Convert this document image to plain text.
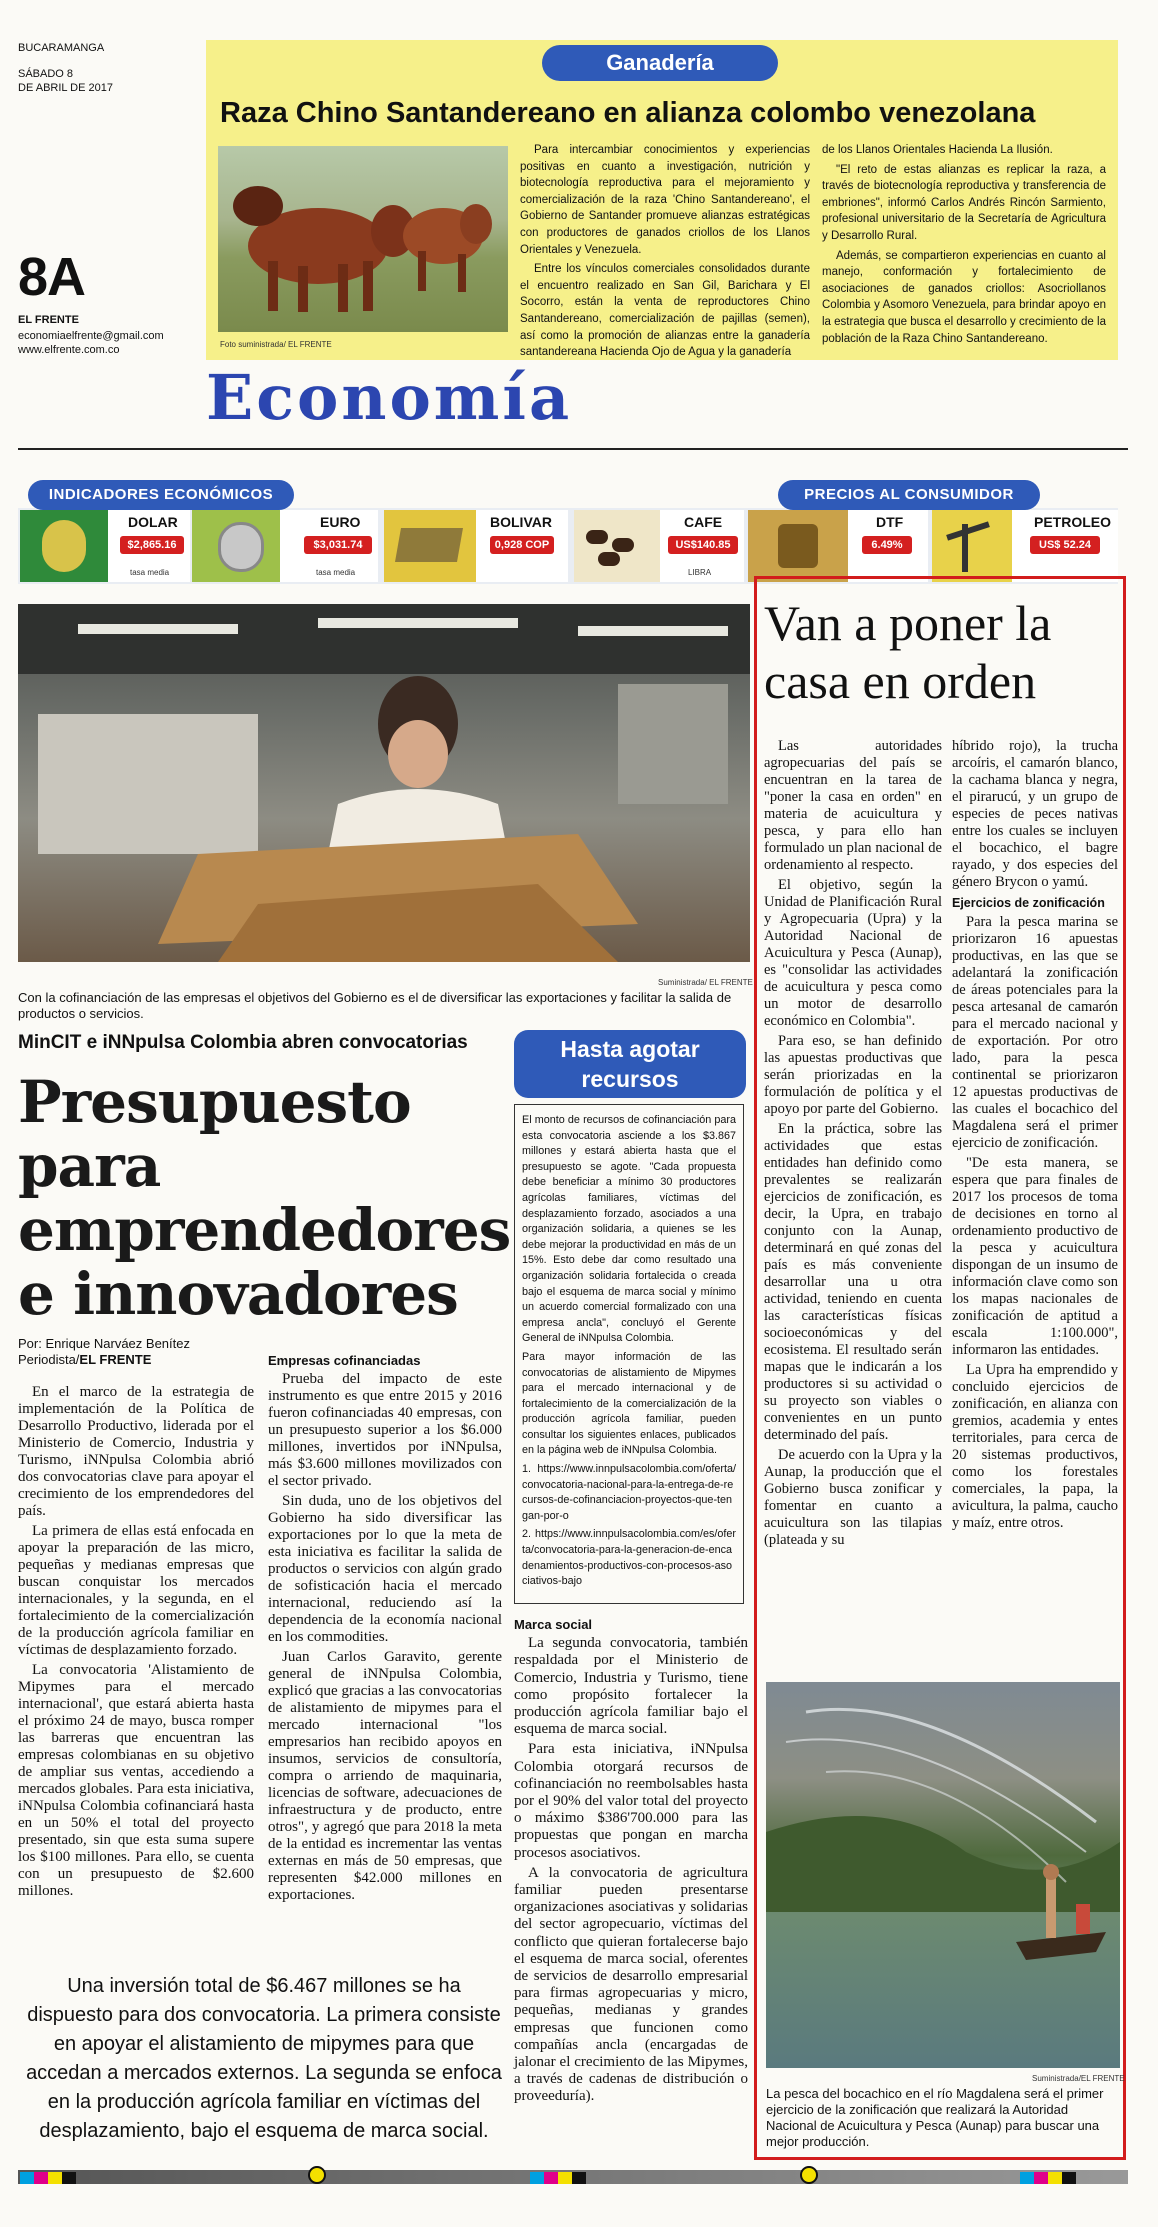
BUCARAMANGA
SÁBADO 8
DE ABRIL DE 2017
8A
EL FRENTE
economiaelfrente@gmail.com
www.elfrente.com.co
Ganadería
Raza Chino Santandereano en alianza colombo venezolana
Foto suministrada/ EL FRENTE

Para intercambiar conocimientos y experiencias positivas en cuanto a investigación, nutrición y biotecnología reproductiva para el mejoramiento y comercialización de la raza 'Chino Santandereano', el Gobierno de Santander promueve alianzas estratégicas con productores de ganados criollos de los Llanos Orientales y Venezuela.

Entre los vínculos comerciales consolidados durante el encuentro realizado en San Gil, Barichara y El Socorro, están la venta de reproductores Chino Santandereano, comercialización de pajillas (semen), así como la promoción de alianzas entre la ganadería santandereana Hacienda Ojo de Agua y la ganadería

de los Llanos Orientales Hacienda La Ilusión.

"El reto de estas alianzas es replicar la raza, a través de biotecnología reproductiva y transferencia de embriones", informó Carlos Andrés Rincón Sarmiento, profesional universitario de la Secretaría de Agricultura y Desarrollo Rural.

Además, se compartieron experiencias en cuanto al manejo, conformación y fortalecimiento de asociaciones de ganados criollos: Asocriollanos Colombia y Asomoro Venezuela, para brindar apoyo en la estrategia que busca el desarrollo y crecimiento de la población de la Raza Chino Santandereano.

Economía
INDICADORES ECONÓMICOS	PRECIOS AL CONSUMIDOR
DOLAR
$2,865.16
tasa media
EURO
$3,031.74
tasa media
BOLIVAR
0,928 COP
CAFE
US$140.85
LIBRA
DTF
6.49%
PETROLEO
US$ 52.24
Suministrada/ EL FRENTE
Con la cofinanciación de las empresas el objetivos del Gobierno es el de diversificar las exportaciones y facilitar la salida de productos o servicios.
MinCIT e iNNpulsa Colombia abren convocatorias
Presupuesto para emprendedores e innovadores
Por: Enrique Narváez Benítez
Periodista/EL FRENTE

En el marco de la estrategia de implementación de la Política de Desarrollo Productivo, liderada por el Ministerio de Comercio, Industria y Turismo, iNNpulsa Colombia abrió dos convocatorias clave para apoyar el crecimiento de los emprendedores del país.

La primera de ellas está enfocada en apoyar la preparación de las micro, pequeñas y medianas empresas que buscan conquistar los mercados internacionales, y la segunda, en el fortalecimiento de la comercialización de la producción agrícola familiar en víctimas de desplazamiento forzado.

La convocatoria 'Alistamiento de Mipymes para el mercado internacional', que estará abierta hasta el próximo 24 de mayo, busca romper las barreras que encuentran las empresas colombianas en su objetivo de ampliar sus ventas, accediendo a mercados globales. Para esta iniciativa, iNNpulsa Colombia cofinanciará hasta en un 50% el total del proyecto presentado, sin que esta suma supere los $100 millones. Para ello, se cuenta con un presupuesto de $2.600 millones.

Empresas cofinanciadas

Prueba del impacto de este instrumento es que entre 2015 y 2016 fueron cofinanciadas 40 empresas, con un presupuesto superior a los $6.000 millones, invertidos por iNNpulsa, más $3.600 millones movilizados con el sector privado.

Sin duda, uno de los objetivos del Gobierno ha sido diversificar las exportaciones por lo que la meta de esta iniciativa es facilitar la salida de productos o servicios con algún grado de sofisticación hacia el mercado internacional, reduciendo así la dependencia de la economía nacional en los commodities.

Juan Carlos Garavito, gerente general de iNNpulsa Colombia, explicó que gracias a las convocatorias de alistamiento de mipymes para el mercado internacional "los empresarios han recibido apoyos en insumos, servicios de consultoría, compra o arriendo de maquinaria, licencias de software, adecuaciones de infraestructura y de producto, entre otros", y agregó que para 2018 la meta de la entidad es incrementar las ventas externas en más de 50 empresas, que representen $42.000 millones en exportaciones.

Una inversión total de $6.467 millones se ha dispuesto para dos convocatoria. La primera consiste en apoyar el alistamiento de mipymes para que accedan a mercados externos. La segunda se enfoca en la producción agrícola familiar en víctimas del desplazamiento, bajo el esquema de marca social.
Hasta agotar recursos
El monto de recursos de cofinanciación para esta convocatoria asciende a los $3.867 millones y estará abierta hasta que el presupuesto se agote. "Cada propuesta debe beneficiar a mínimo 30 productores agrícolas familiares, víctimas del desplazamiento forzado, asociados a una organización solidaria, a quienes se les debe mejorar la productividad en más de un 15%. Esto debe dar como resultado una organización solidaria fortalecida o creada bajo el esquema de marca social y mínimo un acuerdo comercial formalizado con una empresa ancla", concluyó el Gerente General de iNNpulsa Colombia.
Para mayor información de las convocatorias de alistamiento de Mipymes para el mercado internacional y de fortalecimiento de la comercialización de la producción agrícola familiar, pueden consultar los siguientes enlaces, publicados en la página web de iNNpulsa Colombia.
1. https://www.innpulsacolombia.com/oferta/convocatoria-nacional-para-la-entrega-de-recursos-de-cofinanciacion-proyectos-que-tengan-por-o
2. https://www.innpulsacolombia.com/es/oferta/convocatoria-para-la-generacion-de-encadenamientos-productivos-con-procesos-asociativos-bajo
Marca social

La segunda convocatoria, también respaldada por el Ministerio de Comercio, Industria y Turismo, tiene como propósito fortalecer la producción agrícola familiar bajo el esquema de marca social.

Para esta iniciativa, iNNpulsa Colombia otorgará recursos de cofinanciación no reembolsables hasta por el 90% del valor total del proyecto o máximo $386'700.000 para las propuestas que pongan en marcha procesos asociativos.

A la convocatoria de agricultura familiar pueden presentarse organizaciones asociativas y solidarias del sector agropecuario, víctimas del conflicto que quieran fortalecerse bajo el esquema de marca social, oferentes de servicios de desarrollo empresarial para firmas agropecuarias y micro, pequeñas, medianas y grandes empresas que funcionen como compañías ancla (encargadas de jalonar el crecimiento de las Mipymes, a través de cadenas de distribución o proveeduría).

Van a poner la casa en orden

Las autoridades agropecuarias del país se encuentran en la tarea de "poner la casa en orden" en materia de acuicultura y pesca, y para ello han formulado un plan nacional de ordenamiento al respecto.

El objetivo, según la Unidad de Planificación Rural y Agropecuaria (Upra) y la Autoridad Nacional de Acuicultura y Pesca (Aunap), es "consolidar las actividades de acuicultura y pesca como un motor de desarrollo económico en Colombia".

Para eso, se han definido las apuestas productivas que serán priorizadas en la formulación de política y el apoyo por parte del Gobierno.

En la práctica, sobre las actividades que estas entidades han definido como prevalentes se realizarán ejercicios de zonificación, es decir, la Upra, en trabajo conjunto con la Aunap, determinará en qué zonas del país es más conveniente desarrollar una u otra actividad, teniendo en cuenta las características físicas socioeconómicas y del ecosistema. El resultado serán mapas que le indicarán a los productores si su actividad o su proyecto son viables o convenientes en un punto determinado del país.

De acuerdo con la Upra y la Aunap, la producción que el Gobierno busca zonificar y fomentar en cuanto a acuicultura son las tilapias (plateada y su

híbrido rojo), la trucha arcoíris, el camarón blanco, la cachama blanca y negra, el pirarucú, y un grupo de especies de peces nativas entre los cuales se incluyen el bocachico, el bagre rayado, y dos especies del género Brycon o yamú.

Ejercicios de zonificación

Para la pesca marina se priorizaron 16 apuestas productivas, en las que se adelantará la zonificación de áreas potenciales para la pesca artesanal de camarón para el mercado nacional y de exportación. Por otro lado, para la pesca continental se priorizaron 12 apuestas productivas de las cuales el bocachico del Magdalena será el primer ejercicio de zonificación.

"De esta manera, se espera que para finales de 2017 los procesos de toma de decisiones en torno al ordenamiento productivo de la pesca y acuicultura dispongan de un insumo de información clave como son los mapas nacionales de zonificación de aptitud a escala 1:100.000", informaron las entidades.

La Upra ha emprendido y concluido ejercicios de zonificación, en alianza con gremios, academia y entes territoriales, para cerca de 20 sistemas productivos, como los forestales comerciales, la papa, la avicultura, la palma, caucho y maíz, entre otros.

Suministrada/EL FRENTE
La pesca del bocachico en el río Magdalena será el primer ejercicio de la zonificación que realizará la Autoridad Nacional de Acuicultura y Pesca (Aunap) para buscar una mejor producción.
